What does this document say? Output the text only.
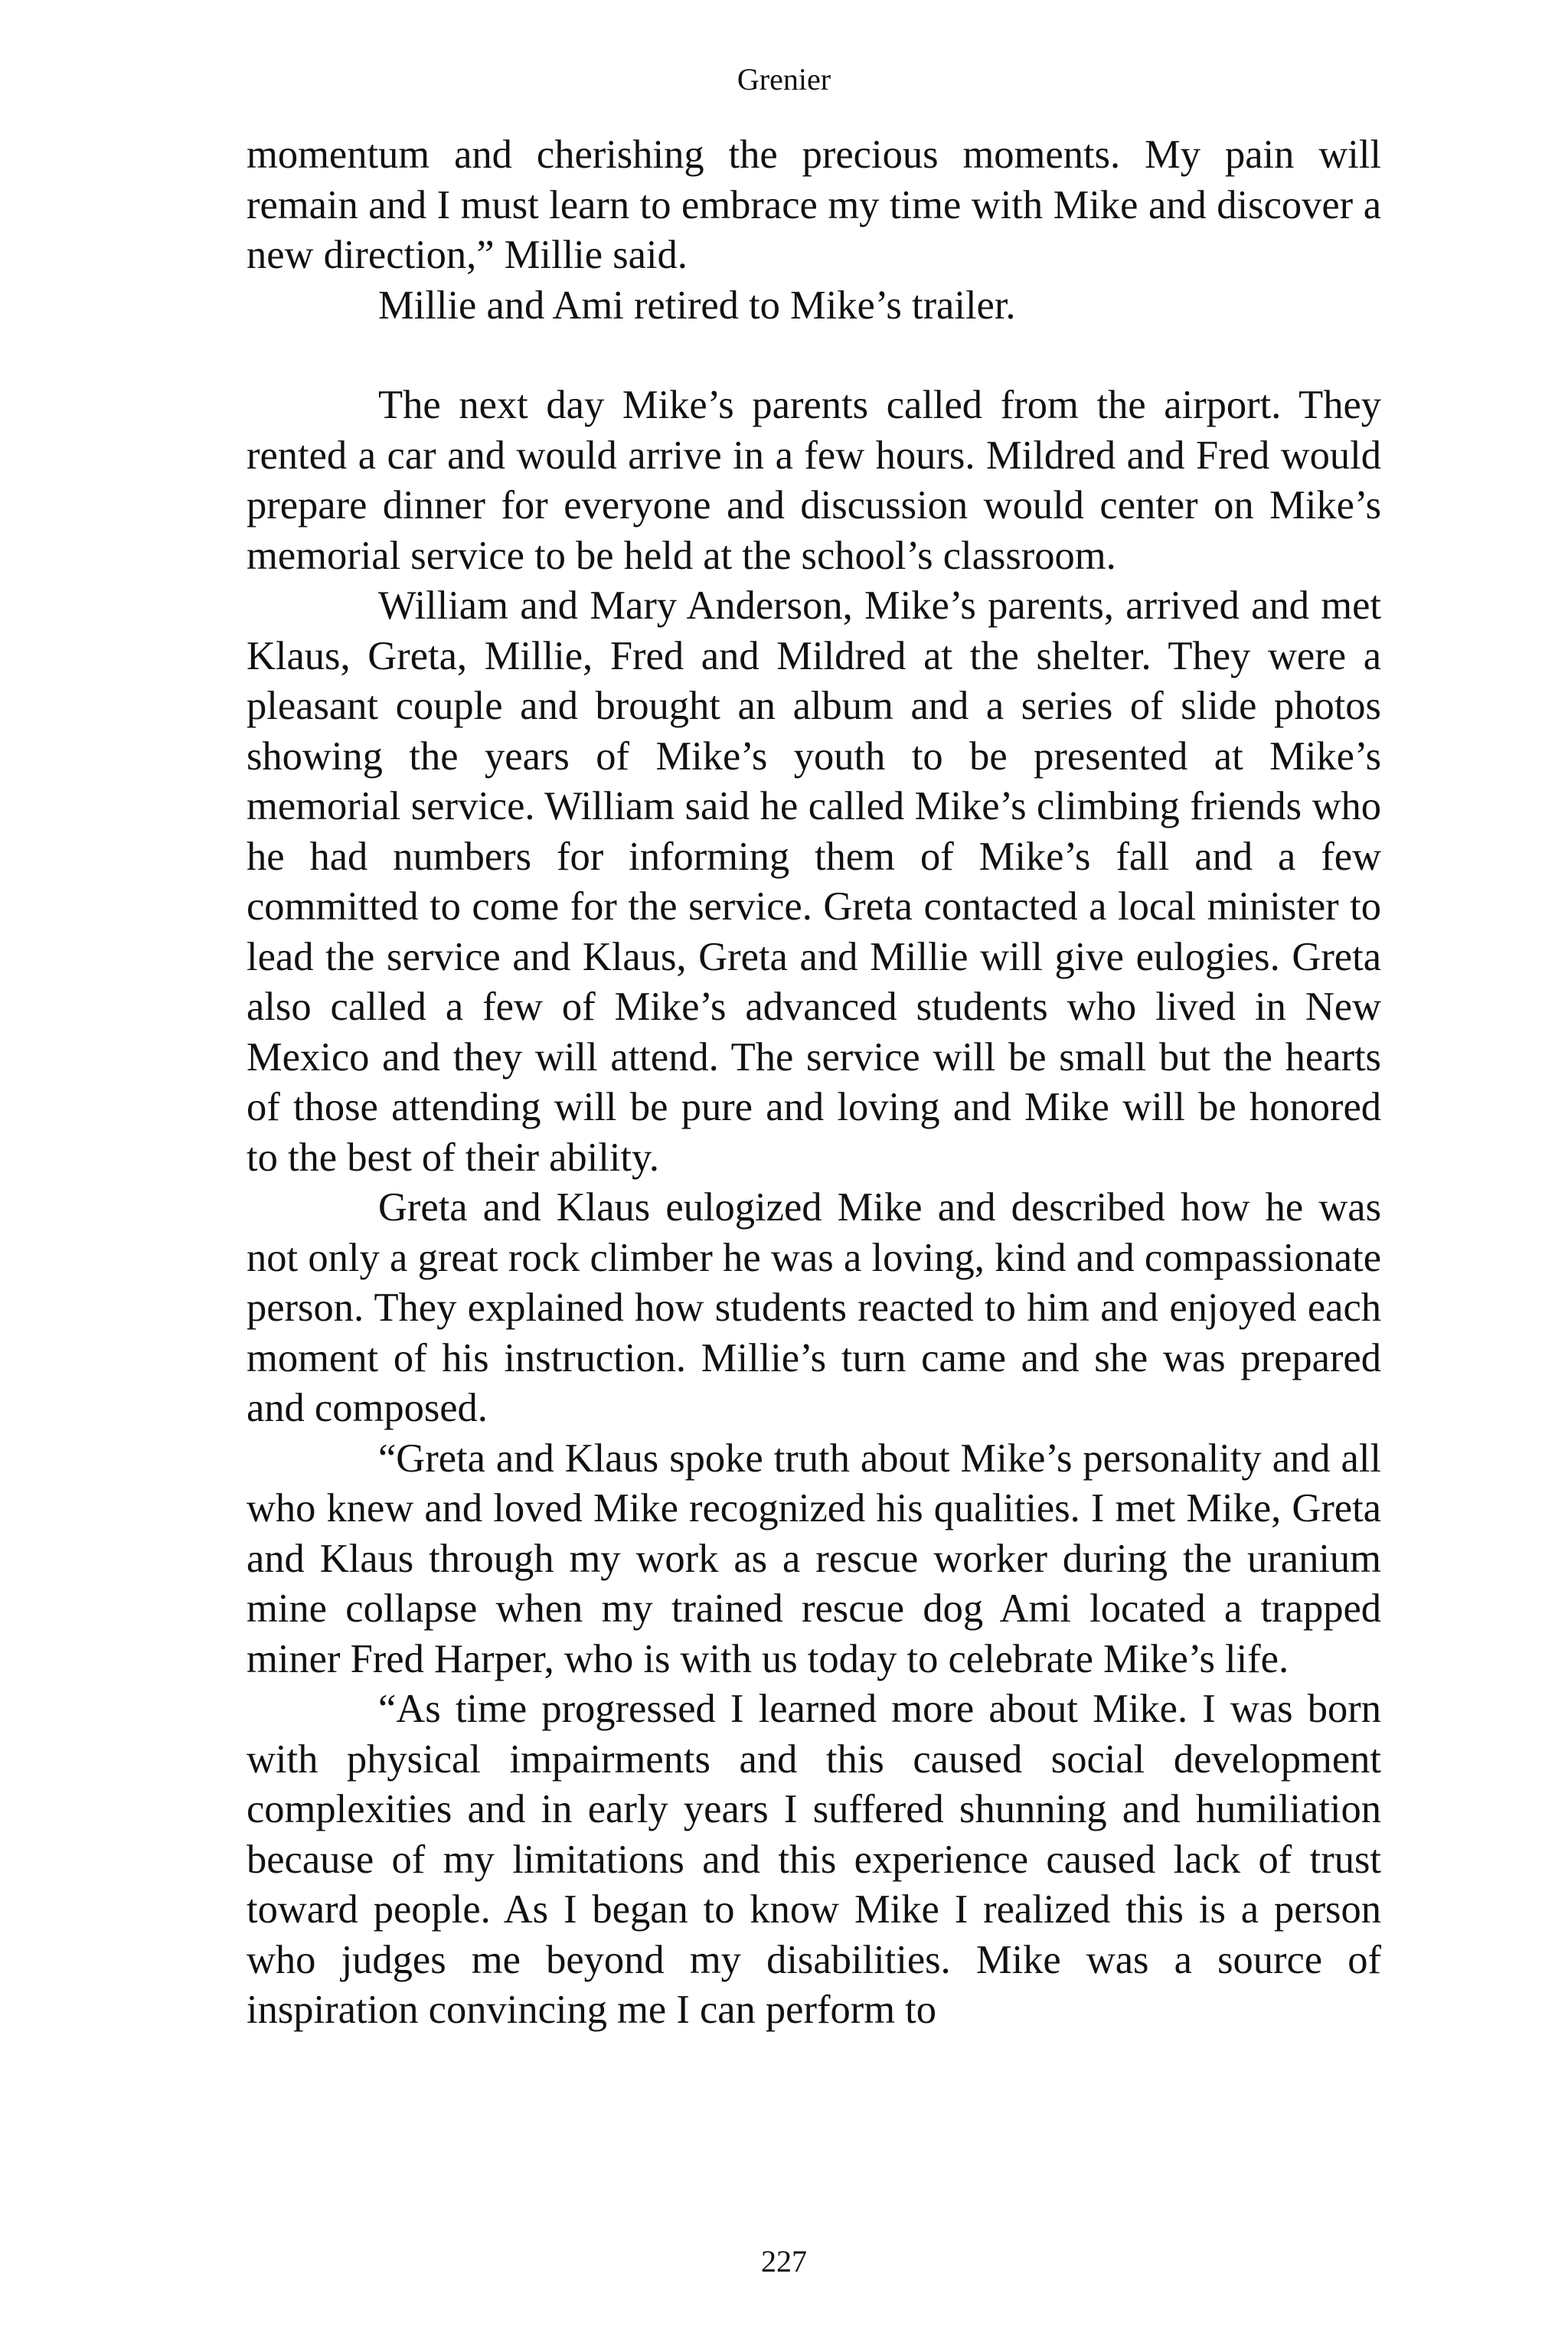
Grenier

momentum and cherishing the precious moments. My pain will remain and I must learn to embrace my time with Mike and discover a new direction,” Millie said.

Millie and Ami retired to Mike’s trailer.

The next day Mike’s parents called from the airport. They rented a car and would arrive in a few hours. Mildred and Fred would prepare dinner for everyone and discussion would center on Mike’s memorial service to be held at the school’s classroom.

William and Mary Anderson, Mike’s parents, arrived and met Klaus, Greta, Millie, Fred and Mildred at the shelter. They were a pleasant couple and brought an album and a series of slide photos showing the years of Mike’s youth to be presented at Mike’s memorial service. William said he called Mike’s climbing friends who he had numbers for informing them of Mike’s fall and a few committed to come for the service. Greta contacted a local minister to lead the service and Klaus, Greta and Millie will give eulogies. Greta also called a few of Mike’s advanced students who lived in New Mexico and they will attend. The service will be small but the hearts of those attending will be pure and loving and Mike will be honored to the best of their ability.

Greta and Klaus eulogized Mike and described how he was not only a great rock climber he was a loving, kind and compassionate person. They explained how students reacted to him and enjoyed each moment of his instruction. Millie’s turn came and she was prepared and composed.

“Greta and Klaus spoke truth about Mike’s personality and all who knew and loved Mike recognized his qualities. I met Mike, Greta and Klaus through my work as a rescue worker during the uranium mine collapse when my trained rescue dog Ami located a trapped miner Fred Harper, who is with us today to celebrate Mike’s life.

“As time progressed I learned more about Mike. I was born with physical impairments and this caused social development complexities and in early years I suffered shunning and humiliation because of my limitations and this experience caused lack of trust toward people. As I began to know Mike I realized this is a person who judges me beyond my disabilities. Mike was a source of inspiration convincing me I can perform to

227
